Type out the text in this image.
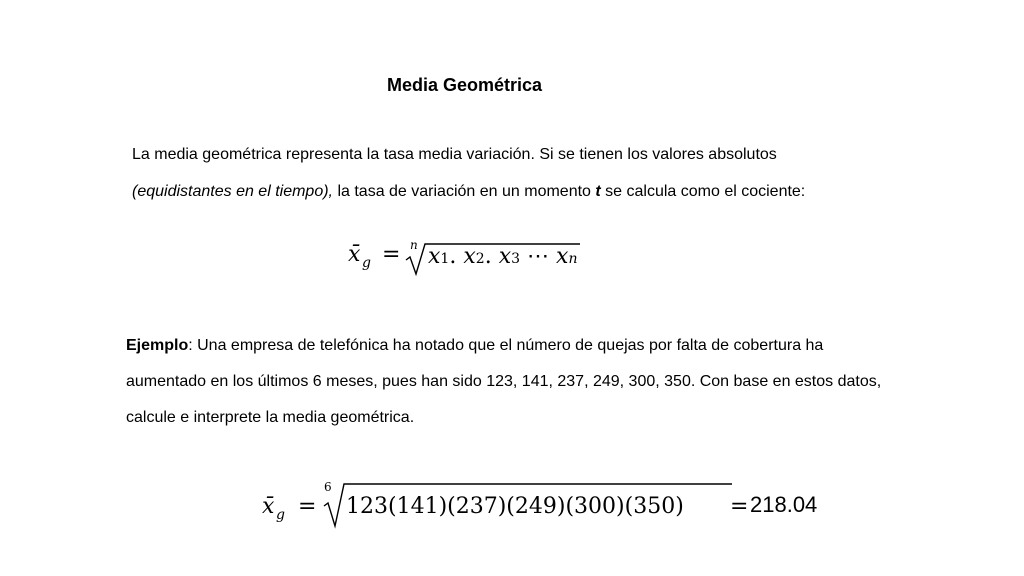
Media Geométrica
La media geométrica representa la tasa media variación. Si se tienen los valores absolutos
(equidistantes en el tiempo), la tasa de variación en un momento t se calcula como el cociente:
x̄ g = n x1. x2. x3 ⋯ xn
Ejemplo: Una empresa de telefónica ha notado que el número de quejas por falta de cobertura ha aumentado en los últimos 6 meses, pues han sido 123, 141, 237, 249, 300, 350. Con base en estos datos, calcule e interprete la media geométrica.
x̄ g =
6
123(141)(237)(249)(300)(350) = 218.04
